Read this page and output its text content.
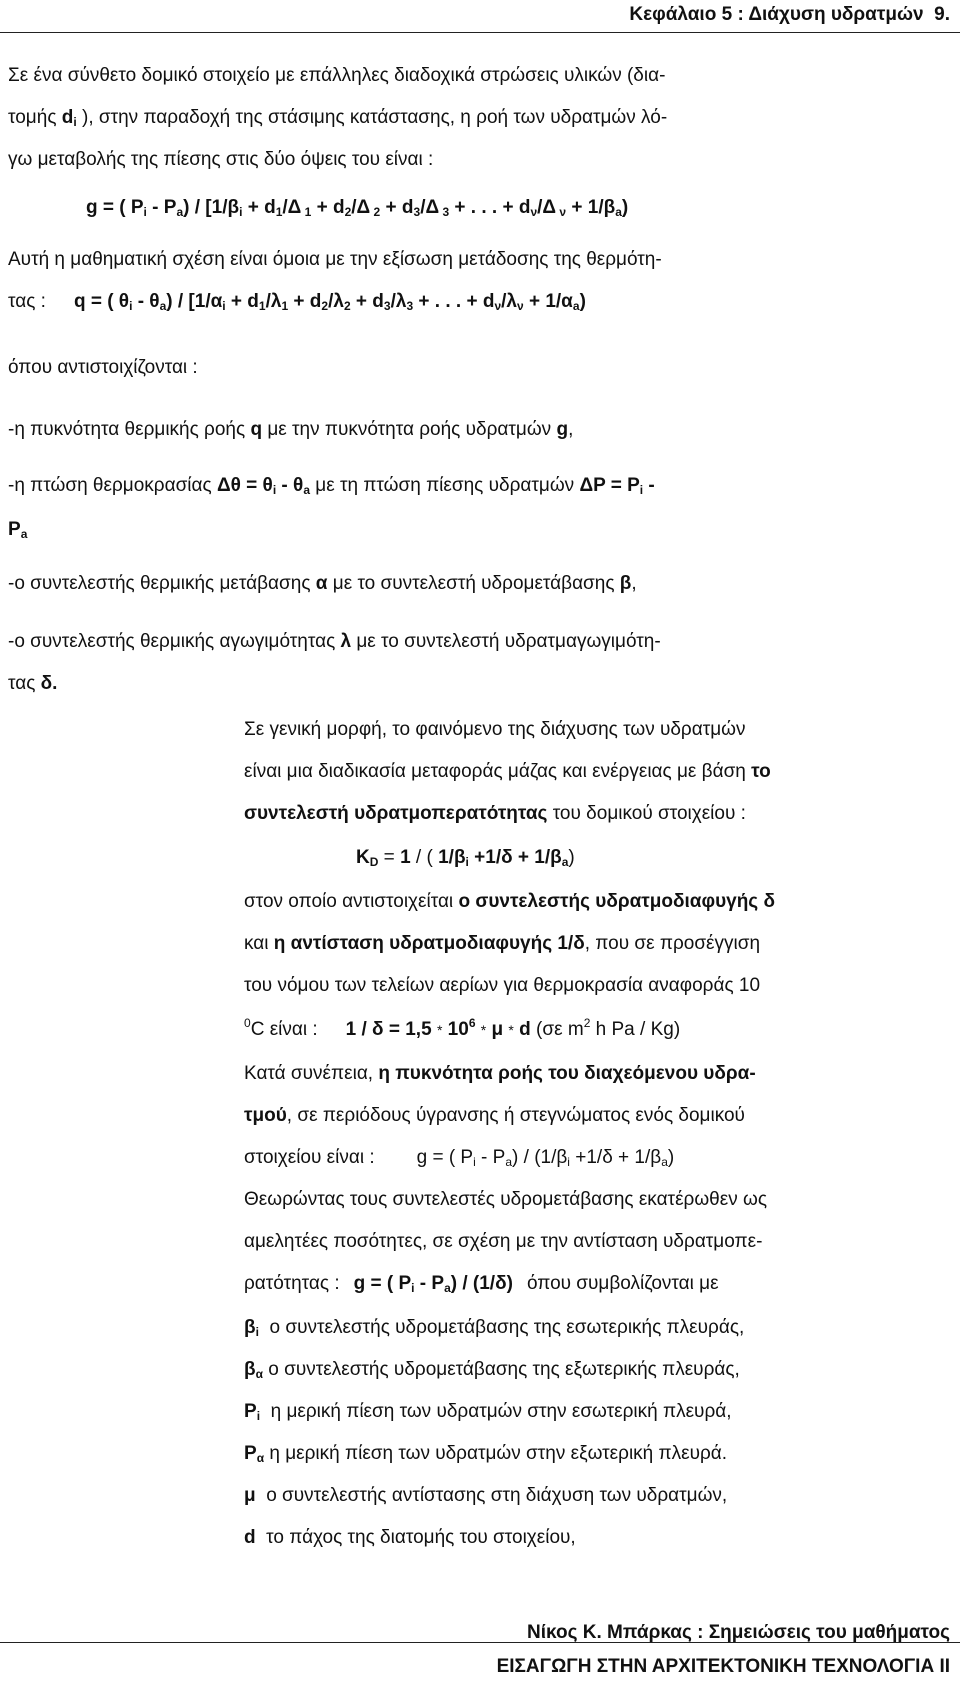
Κεφάλαιο 5 : Διάχυση υδρατμών 9.
Σε ένα σύνθετο δομικό στοιχείο με επάλληλες διαδοχικά στρώσεις υλικών (δια-
τομής $d_i$ ), στην παραδοχή της στάσιμης κατάστασης, η ροή των υδρατμών λό-
γω μεταβολής της πίεσης στις δύο όψεις του είναι :
g = ( $P_i - P_a) / [1/\beta_i + d_1/\Delta$ $_1 + d_2/\Delta$ $_2 + d_3/\Delta$ $_3$ + . . . + $d_\nu/\Delta$ $_\nu + 1/\beta_a$)
Αυτή η μαθηματική σχέση είναι όμοια με την εξίσωση μετάδοσης της θερμότη-
τας : q = ( $\theta_i - \theta_a) / [1/\alpha_i + d_1/\lambda_1 + d_2/\lambda_2 + d_3/\lambda_3$ + . . . + $d_\nu/\lambda_\nu + 1/\alpha_a$)
όπου αντιστοιχίζονται :
-η πυκνότητα θερμικής ροής q με την πυκνότητα ροής υδρατμών g,
-η πτώση θερμοκρασίας $\Delta\theta = \theta_i - \theta_a$ με τη πτώση πίεσης υδρατμών $\Delta P = P_i$ -
$P_a$
-ο συντελεστής θερμικής μετάβασης α με το συντελεστή υδρομετάβασης β,
-ο συντελεστής θερμικής αγωγιμότητας λ με το συντελεστή υδρατμαγωγιμότη-
τας δ.
Σε γενική μορφή, το φαινόμενο της διάχυσης των υδρατμών
είναι μια διαδικασία μεταφοράς μάζας και ενέργειας με βάση το
συντελεστή υδρατμοπερατότητας του δομικού στοιχείου :
$K_D = 1$ / ( $1/\beta_i +1/\delta + 1/\beta_a$)
στον οποίο αντιστοιχείται ο συντελεστής υδρατμοδιαφυγής δ
και η αντίσταση υδρατμοδιαφυγής 1/δ, που σε προσέγγιση
του νόμου των τελείων αερίων για θερμοκρασία αναφοράς 10
$^0$C είναι : $1 / \delta = 1,5 * 10^6 * \mu * d$ (σε $m^2$ h Pa / Kg)
Κατά συνέπεια, η πυκνότητα ροής του διαχεόμενου υδρα-
τμού, σε περιόδους ύγρανσης ή στεγνώματος ενός δομικού
στοιχείου είναι : g = ( $P_i - P_a) / (1/\beta_i +1/\delta + 1/\beta_a)$
Θεωρώντας τους συντελεστές υδρομετάβασης εκατέρωθεν ως
αμελητέες ποσότητες, σε σχέση με την αντίσταση υδρατμοπε-
ρατότητας : g = ( $P_i - P_a) / (1/\delta)$ όπου συμβολίζονται με
$\beta_i$ ο συντελεστής υδρομετάβασης της εσωτερικής πλευράς,
$\beta_\alpha$ ο συντελεστής υδρομετάβασης της εξωτερικής πλευράς,
$P_i$ η μερική πίεση των υδρατμών στην εσωτερική πλευρά,
$P_\alpha$ η μερική πίεση των υδρατμών στην εξωτερική πλευρά.
μ ο συντελεστής αντίστασης στη διάχυση των υδρατμών,
d το πάχος της διατομής του στοιχείου,
Νίκος Κ. Μπάρκας : Σημειώσεις του μαθήματος
ΕΙΣΑΓΩΓΗ ΣΤΗΝ ΑΡΧΙΤΕΚΤΟΝΙΚΗ ΤΕΧΝΟΛΟΓΙΑ ΙΙ
